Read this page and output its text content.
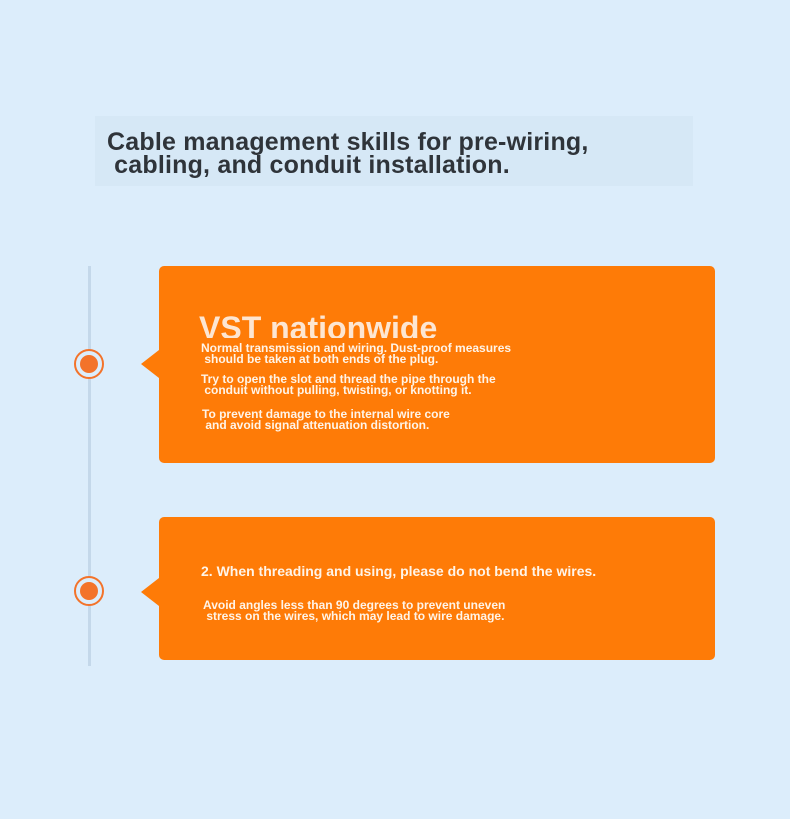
Cable management skills for pre-wiring,
cabling, and conduit installation.
VST nationwide

Normal transmission and wiring. Dust-proof measures
should be taken at both ends of the plug.

Try to open the slot and thread the pipe through the
conduit without pulling, twisting, or knotting it.

To prevent damage to the internal wire core
and avoid signal attenuation distortion.

2. When threading and using, please do not bend the wires.

Avoid angles less than 90 degrees to prevent uneven
stress on the wires, which may lead to wire damage.
